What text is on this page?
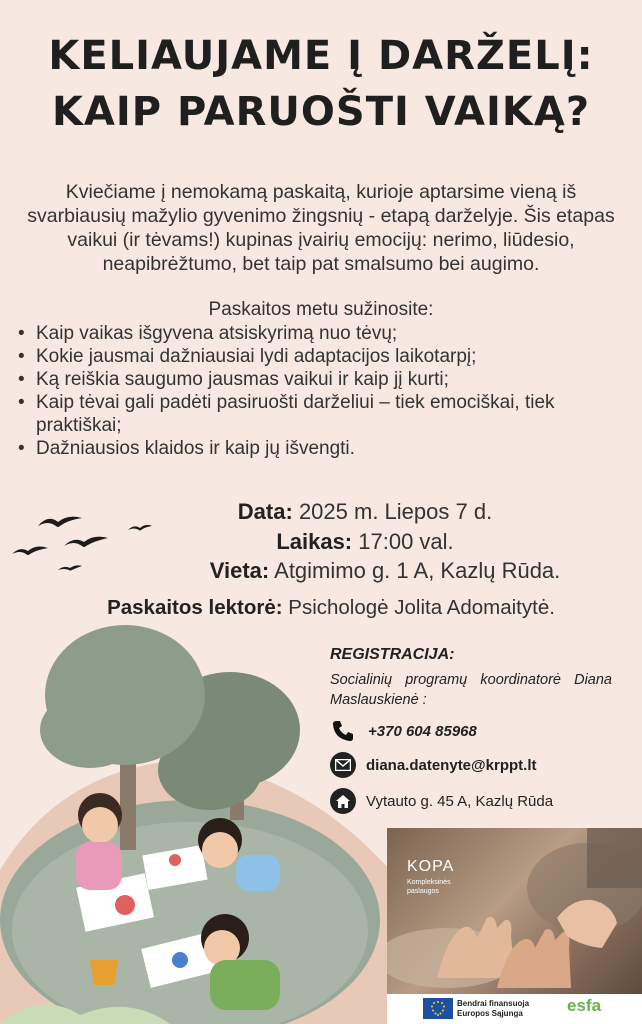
KELIAUJAME Į DARŽELĮ:
KAIP PARUOŠTI VAIKĄ?
Kviečiame į nemokamą paskaitą, kurioje aptarsime vieną iš svarbiausių mažylio gyvenimo žingsnių - etapą darželyje. Šis etapas vaikui (ir tėvams!) kupinas įvairių emocijų: nerimo, liūdesio, neapibrėžtumo, bet taip pat smalsumo bei augimo.
Paskaitos metu sužinosite:
• Kaip vaikas išgyvena atsiskyrimą nuo tėvų;
• Kokie jausmai dažniausiai lydi adaptacijos laikotarpį;
• Ką reiškia saugumo jausmas vaikui ir kaip jį kurti;
• Kaip tėvai gali padėti pasiruošti darželiui – tiek emociškai, tiek praktiškai;
• Dažniausios klaidos ir kaip jų išvengti.
Data: 2025 m. Liepos 7 d.
Laikas: 17:00 val.
Vieta: Atgimimo g. 1 A, Kazlų Rūda.
Paskaitos lektorė: Psichologė Jolita Adomaitytė.
REGISTRACIJA:
Socialinių programų koordinatorė Diana Maslauskienė :
+370 604 85968
diana.datenyte@krppt.lt
Vytauto g. 45 A, Kazlų Rūda
KOPA
Kompleksinės paslaugos
Bendrai finansuoja
Europos Sąjunga	esfa
